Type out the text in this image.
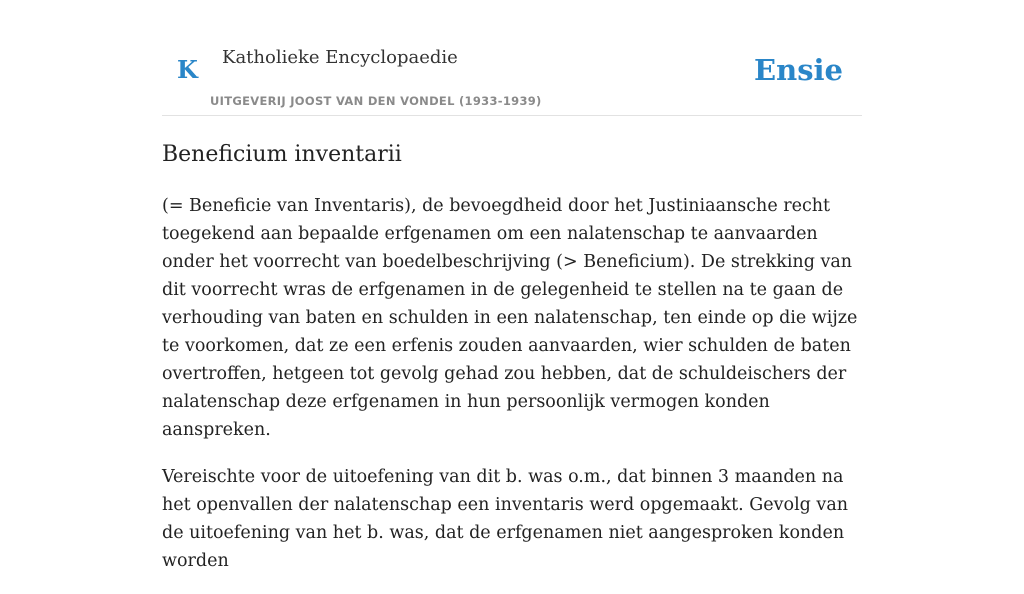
K Katholieke Encyclopaedie
UITGEVERIJ JOOST VAN DEN VONDEL (1933-1939)
Ensie
Beneficium inventarii

(= Beneficie van Inventaris), de bevoegdheid door het Justiniaansche recht toegekend aan bepaalde erfgenamen om een nalatenschap te aanvaarden onder het voorrecht van boedelbeschrijving (> Beneficium). De strekking van dit voorrecht wras de erfgenamen in de gelegenheid te stellen na te gaan de verhouding van baten en schulden in een nalatenschap, ten einde op die wijze te voorkomen, dat ze een erfenis zouden aanvaarden, wier schulden de baten overtroffen, hetgeen tot gevolg gehad zou hebben, dat de schuldeischers der nalatenschap deze erfgenamen in hun persoonlijk vermogen konden aanspreken.

Vereischte voor de uitoefening van dit b. was o.m., dat binnen 3 maanden na het openvallen der nalatenschap een inventaris werd opgemaakt. Gevolg van de uitoefening van het b. was, dat de erfgenamen niet aangesproken konden worden
